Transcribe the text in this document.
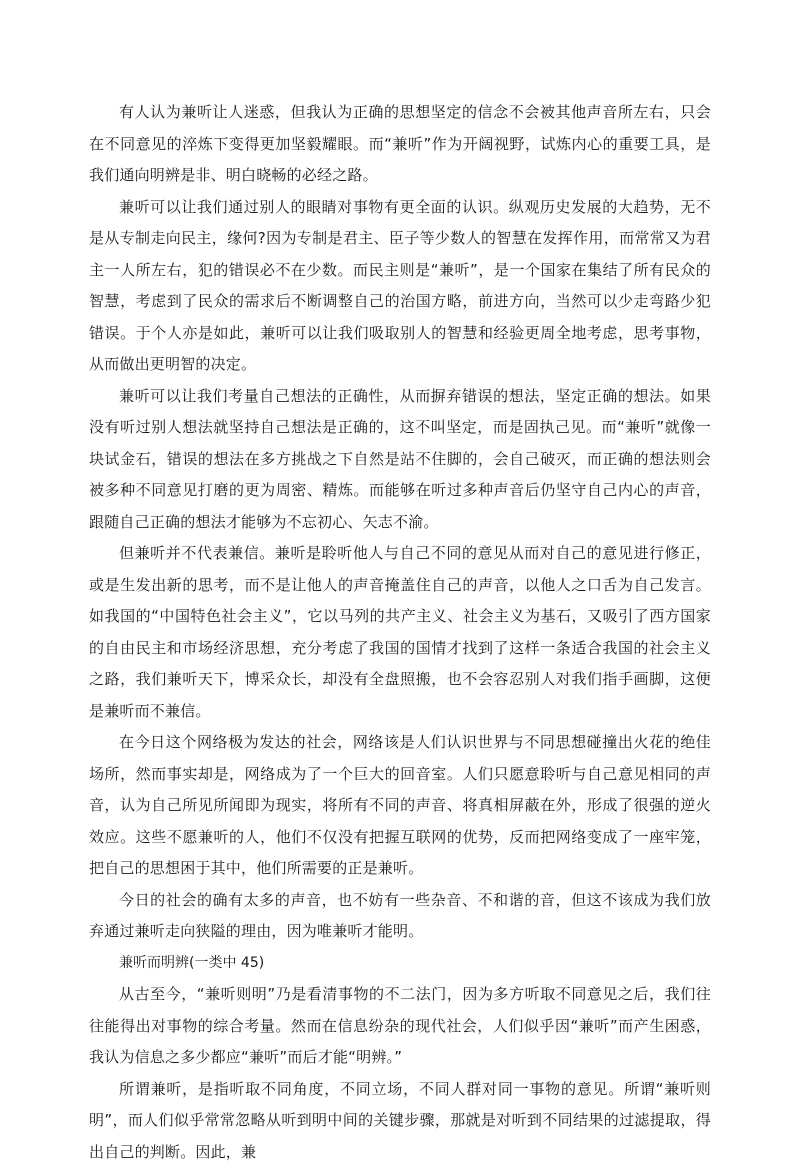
有人认为兼听让人迷惑，但我认为正确的思想坚定的信念不会被其他声音所左右，只会在不同意见的淬炼下变得更加坚毅耀眼。而“兼听”作为开阔视野，试炼内心的重要工具，是我们通向明辨是非、明白晓畅的必经之路。

兼听可以让我们通过别人的眼睛对事物有更全面的认识。纵观历史发展的大趋势，无不是从专制走向民主，缘何?因为专制是君主、臣子等少数人的智慧在发挥作用，而常常又为君主一人所左右，犯的错误必不在少数。而民主则是“兼听”，是一个国家在集结了所有民众的智慧，考虑到了民众的需求后不断调整自己的治国方略，前进方向，当然可以少走弯路少犯错误。于个人亦是如此，兼听可以让我们吸取别人的智慧和经验更周全地考虑，思考事物，从而做出更明智的决定。

兼听可以让我们考量自己想法的正确性，从而摒弃错误的想法，坚定正确的想法。如果没有听过别人想法就坚持自己想法是正确的，这不叫坚定，而是固执己见。而“兼听”就像一块试金石，错误的想法在多方挑战之下自然是站不住脚的，会自己破灭，而正确的想法则会被多种不同意见打磨的更为周密、精炼。而能够在听过多种声音后仍坚守自己内心的声音，跟随自己正确的想法才能够为不忘初心、矢志不渝。

但兼听并不代表兼信。兼听是聆听他人与自己不同的意见从而对自己的意见进行修正，或是生发出新的思考，而不是让他人的声音掩盖住自己的声音，以他人之口舌为自己发言。如我国的“中国特色社会主义”，它以马列的共产主义、社会主义为基石，又吸引了西方国家的自由民主和市场经济思想，充分考虑了我国的国情才找到了这样一条适合我国的社会主义之路，我们兼听天下，博采众长，却没有全盘照搬，也不会容忍别人对我们指手画脚，这便是兼听而不兼信。

在今日这个网络极为发达的社会，网络该是人们认识世界与不同思想碰撞出火花的绝佳场所，然而事实却是，网络成为了一个巨大的回音室。人们只愿意聆听与自己意见相同的声音，认为自己所见所闻即为现实，将所有不同的声音、将真相屏蔽在外，形成了很强的逆火效应。这些不愿兼听的人，他们不仅没有把握互联网的优势，反而把网络变成了一座牢笼，把自己的思想困于其中，他们所需要的正是兼听。

今日的社会的确有太多的声音，也不妨有一些杂音、不和谐的音，但这不该成为我们放弃通过兼听走向狭隘的理由，因为唯兼听才能明。

兼听而明辨(一类中 45)

从古至今，“兼听则明”乃是看清事物的不二法门，因为多方听取不同意见之后，我们往往能得出对事物的综合考量。然而在信息纷杂的现代社会，人们似乎因“兼听”而产生困惑，我认为信息之多少都应“兼听”而后才能“明辨。”

所谓兼听，是指听取不同角度，不同立场，不同人群对同一事物的意见。所谓“兼听则明”，而人们似乎常常忽略从听到明中间的关键步骤，那就是对听到不同结果的过滤提取，得出自己的判断。因此，兼
